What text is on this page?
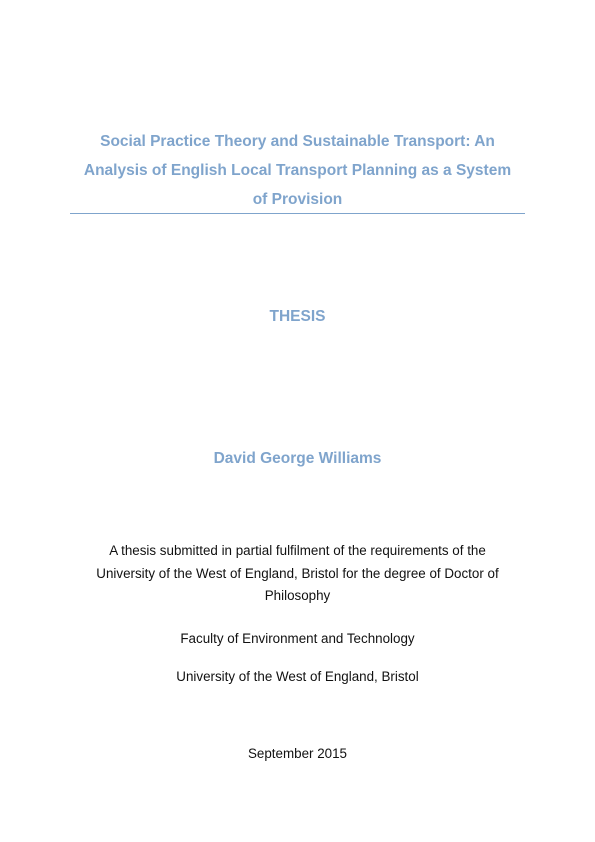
Social Practice Theory and Sustainable Transport: An
Analysis of English Local Transport Planning as a System
of Provision
THESIS
David George Williams
A thesis submitted in partial fulfilment of the requirements of the
University of the West of England, Bristol for the degree of Doctor of
Philosophy
Faculty of Environment and Technology
University of the West of England, Bristol
September 2015
